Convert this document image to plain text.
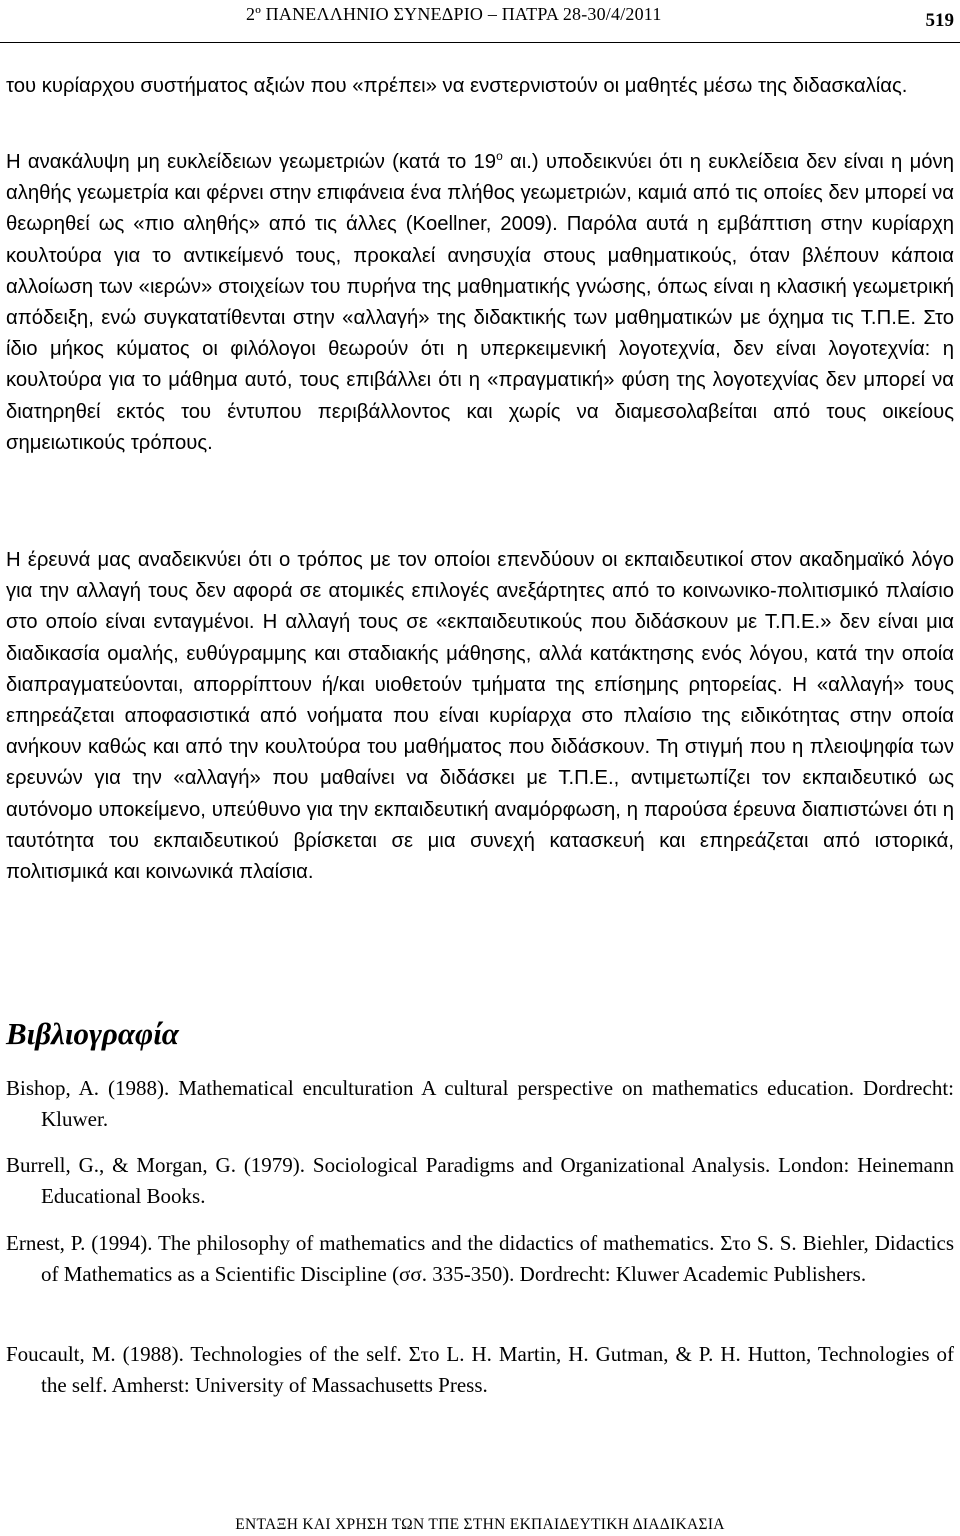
2º ΠΑΝΕΛΛΗΝΙΟ ΣΥΝΕΔΡΙΟ – ΠΑΤΡΑ 28-30/4/2011	519

του κυρίαρχου συστήματος αξιών που «πρέπει» να ενστερνιστούν οι μαθητές μέσω της διδασκαλίας.

Η ανακάλυψη μη ευκλείδειων γεωμετριών (κατά το $19^o$ αι.) υποδεικνύει ότι η ευκλείδεια δεν είναι η μόνη αληθής γεωμετρία και φέρνει στην επιφάνεια ένα πλήθος γεωμετριών, καμιά από τις οποίες δεν μπορεί να θεωρηθεί ως «πιο αληθής» από τις άλλες (Koellner, 2009). Παρόλα αυτά η εμβάπτιση στην κυρίαρχη κουλτούρα για το αντικείμενό τους, προκαλεί ανησυχία στους μαθηματικούς, όταν βλέπουν κάποια αλλοίωση των «ιερών» στοιχείων του πυρήνα της μαθηματικής γνώσης, όπως είναι η κλασική γεωμετρική απόδειξη, ενώ συγκατατίθενται στην «αλλαγή» της διδακτικής των μαθηματικών με όχημα τις Τ.Π.Ε. Στο ίδιο μήκος κύματος οι φιλόλογοι θεωρούν ότι η υπερκειμενική λογοτεχνία, δεν είναι λογοτεχνία: η κουλτούρα για το μάθημα αυτό, τους επιβάλλει ότι η «πραγματική» φύση της λογοτεχνίας δεν μπορεί να διατηρηθεί εκτός του έντυπου περιβάλλοντος και χωρίς να διαμεσολαβείται από τους οικείους σημειωτικούς τρόπους.

Η έρευνά μας αναδεικνύει ότι ο τρόπος με τον οποίοι επενδύουν οι εκπαιδευτικοί στον ακαδημαϊκό λόγο για την αλλαγή τους δεν αφορά σε ατομικές επιλογές ανεξάρτητες από το κοινωνικο-πολιτισμικό πλαίσιο στο οποίο είναι ενταγμένοι. Η αλλαγή τους σε «εκπαιδευτικούς που διδάσκουν με Τ.Π.Ε.» δεν είναι μια διαδικασία ομαλής, ευθύγραμμης και σταδιακής μάθησης, αλλά κατάκτησης ενός λόγου, κατά την οποία διαπραγματεύονται, απορρίπτουν ή/και υιοθετούν τμήματα της επίσημης ρητορείας. Η «αλλαγή» τους επηρεάζεται αποφασιστικά από νοήματα που είναι κυρίαρχα στο πλαίσιο της ειδικότητας στην οποία ανήκουν καθώς και από την κουλτούρα του μαθήματος που διδάσκουν. Τη στιγμή που η πλειοψηφία των ερευνών για την «αλλαγή» που μαθαίνει να διδάσκει με Τ.Π.Ε., αντιμετωπίζει τον εκπαιδευτικό ως αυτόνομο υποκείμενο, υπεύθυνο για την εκπαιδευτική αναμόρφωση, η παρούσα έρευνα διαπιστώνει ότι η ταυτότητα του εκπαιδευτικού βρίσκεται σε μια συνεχή κατασκευή και επηρεάζεται από ιστορικά, πολιτισμικά και κοινωνικά πλαίσια.

Βιβλιογραφία

Bishop, A. (1988). Mathematical enculturation A cultural perspective on mathematics education. Dordrecht: Kluwer.

Burrell, G., & Morgan, G. (1979). Sociological Paradigms and Organizational Analysis. London: Heinemann Educational Books.

Ernest, P. (1994). The philosophy of mathematics and the didactics of mathematics. Στο S. S. Biehler, Didactics of Mathematics as a Scientific Discipline (σσ. 335-350). Dordrecht: Kluwer Academic Publishers.

Foucault, M. (1988). Technologies of the self. Στο L. H. Martin, H. Gutman, & P. H. Hutton, Technologies of the self. Amherst: University of Massachusetts Press.

ΕΝΤΑΞΗ ΚΑΙ ΧΡΗΣΗ ΤΩΝ ΤΠΕ ΣΤΗΝ ΕΚΠΑΙΔΕΥΤΙΚΗ ΔΙΑΔΙΚΑΣΙΑ
